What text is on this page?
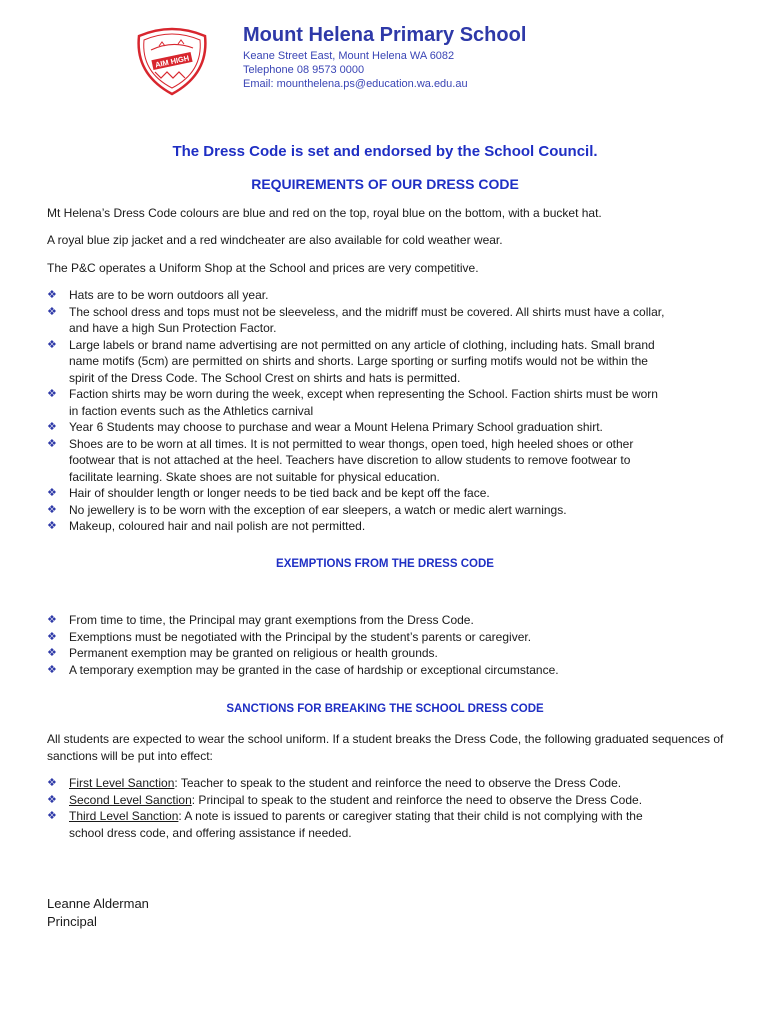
AIM HIGH
Mount Helena Primary School
Keane Street East, Mount Helena WA 6082
Telephone 08 9573 0000
Email: mounthelena.ps@education.wa.edu.au
The Dress Code is set and endorsed by the School Council.
REQUIREMENTS OF OUR DRESS CODE
Mt Helena’s Dress Code colours are blue and red on the top, royal blue on the bottom, with a bucket hat.
A royal blue zip jacket and a red windcheater are also available for cold weather wear.
The P&C operates a Uniform Shop at the School and prices are very competitive.
❖ Hats are to be worn outdoors all year.
❖ The school dress and tops must not be sleeveless, and the midriff must be covered. All shirts must have a collar,
and have a high Sun Protection Factor.
❖ Large labels or brand name advertising are not permitted on any article of clothing, including hats. Small brand
name motifs (5cm) are permitted on shirts and shorts. Large sporting or surfing motifs would not be within the
spirit of the Dress Code. The School Crest on shirts and hats is permitted.
❖ Faction shirts may be worn during the week, except when representing the School. Faction shirts must be worn
in faction events such as the Athletics carnival
❖ Year 6 Students may choose to purchase and wear a Mount Helena Primary School graduation shirt.
❖ Shoes are to be worn at all times. It is not permitted to wear thongs, open toed, high heeled shoes or other
footwear that is not attached at the heel. Teachers have discretion to allow students to remove footwear to
facilitate learning. Skate shoes are not suitable for physical education.
❖ Hair of shoulder length or longer needs to be tied back and be kept off the face.
❖ No jewellery is to be worn with the exception of ear sleepers, a watch or medic alert warnings.
❖ Makeup, coloured hair and nail polish are not permitted.
EXEMPTIONS FROM THE DRESS CODE
❖ From time to time, the Principal may grant exemptions from the Dress Code.
❖ Exemptions must be negotiated with the Principal by the student’s parents or caregiver.
❖ Permanent exemption may be granted on religious or health grounds.
❖ A temporary exemption may be granted in the case of hardship or exceptional circumstance.
SANCTIONS FOR BREAKING THE SCHOOL DRESS CODE
All students are expected to wear the school uniform. If a student breaks the Dress Code, the following graduated sequences of sanctions will be put into effect:
❖ First Level Sanction: Teacher to speak to the student and reinforce the need to observe the Dress Code.
❖ Second Level Sanction: Principal to speak to the student and reinforce the need to observe the Dress Code.
❖ Third Level Sanction: A note is issued to parents or caregiver stating that their child is not complying with the
school dress code, and offering assistance if needed.
Leanne Alderman
Principal
